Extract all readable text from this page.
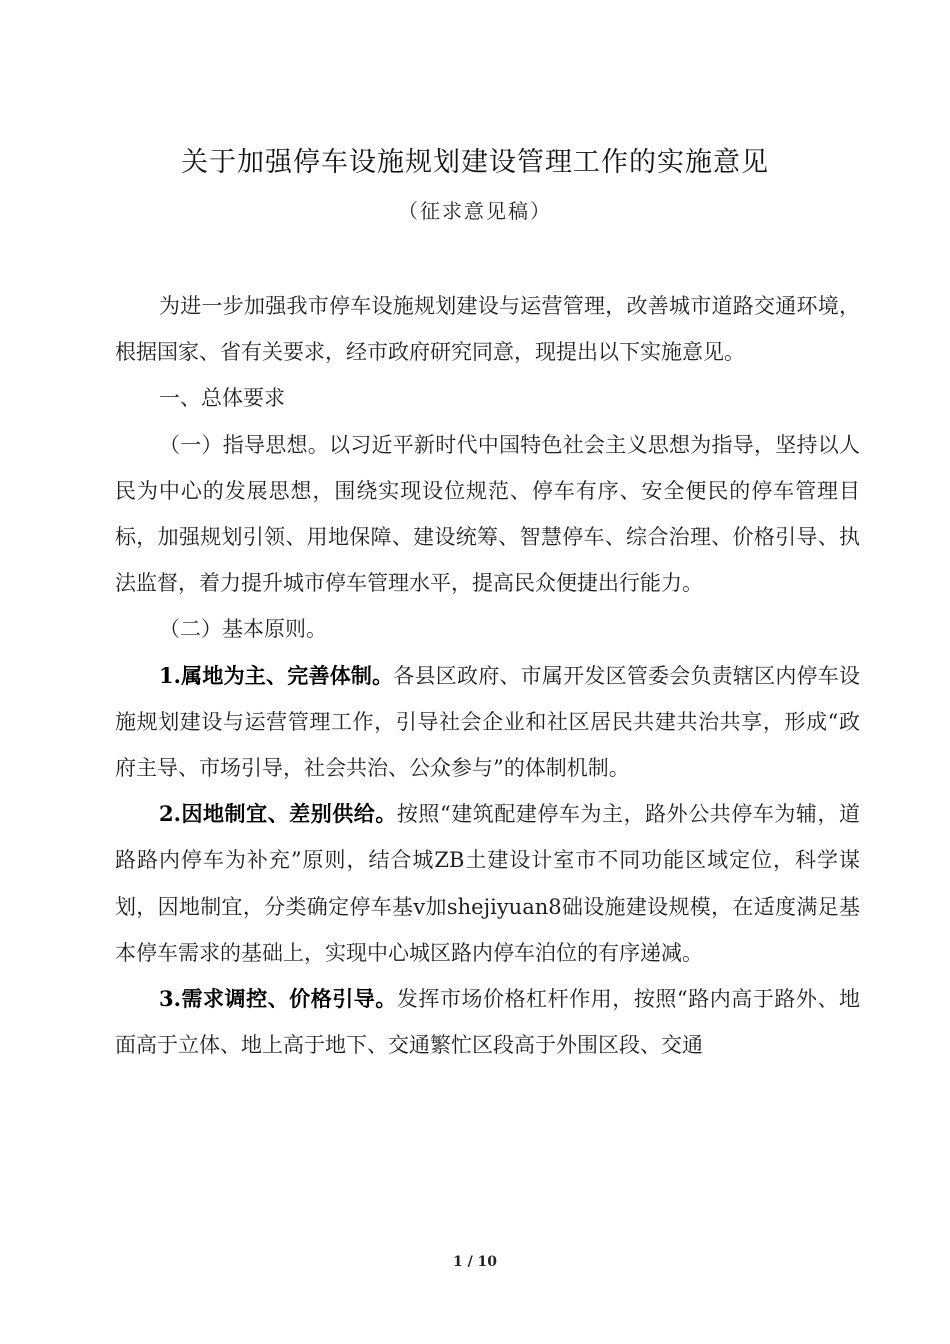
关于加强停车设施规划建设管理工作的实施意见
（征求意见稿）

为进一步加强我市停车设施规划建设与运营管理，改善城市道路交通环境，根据国家、省有关要求，经市政府研究同意，现提出以下实施意见。

一、总体要求

（一）指导思想。以习近平新时代中国特色社会主义思想为指导，坚持以人民为中心的发展思想，围绕实现设位规范、停车有序、安全便民的停车管理目标，加强规划引领、用地保障、建设统筹、智慧停车、综合治理、价格引导、执法监督，着力提升城市停车管理水平，提高民众便捷出行能力。

（二）基本原则。

1.属地为主、完善体制。各县区政府、市属开发区管委会负责辖区内停车设施规划建设与运营管理工作，引导社会企业和社区居民共建共治共享，形成“政府主导、市场引导，社会共治、公众参与”的体制机制。

2.因地制宜、差别供给。按照“建筑配建停车为主，路外公共停车为辅，道路路内停车为补充”原则，结合城ZB土建设计室市不同功能区域定位，科学谋划，因地制宜，分类确定停车基v加shejiyuan8础设施建设规模，在适度满足基本停车需求的基础上，实现中心城区路内停车泊位的有序递减。

3.需求调控、价格引导。发挥市场价格杠杆作用，按照“路内高于路外、地面高于立体、地上高于地下、交通繁忙区段高于外围区段、交通

1 / 10
